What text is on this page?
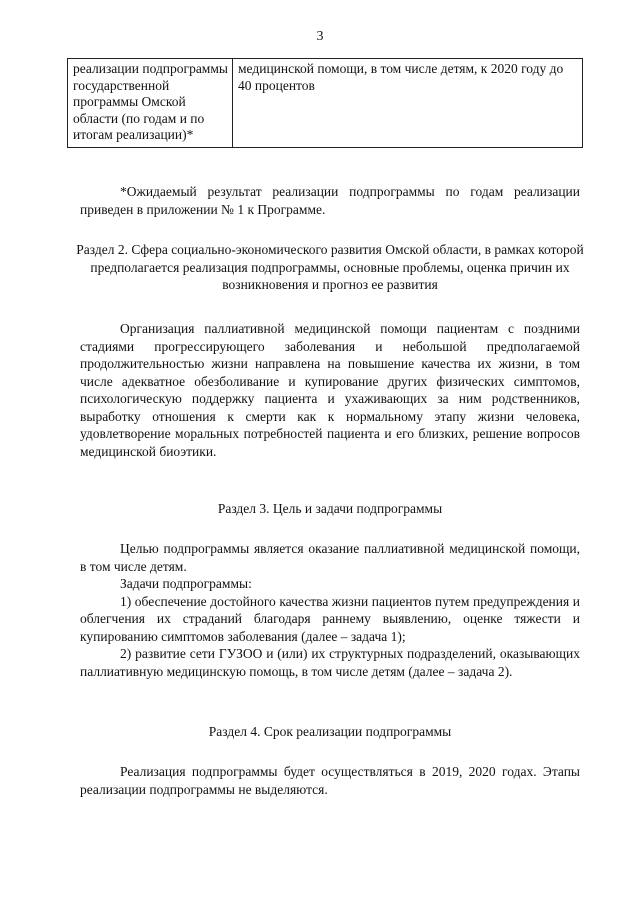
3
реализации подпрограммы государственной программы Омской области (по годам и по итогам реализации)*	медицинской помощи, в том числе детям, к 2020 году до 40 процентов
*Ожидаемый результат реализации подпрограммы по годам реализации приведен в приложении № 1 к Программе.
Раздел 2. Сфера социально-экономического развития Омской области, в рамках которой предполагается реализация подпрограммы, основные проблемы, оценка причин их возникновения и прогноз ее развития
Организация паллиативной медицинской помощи пациентам с поздними стадиями прогрессирующего заболевания и небольшой предполагаемой продолжительностью жизни направлена на повышение качества их жизни, в том числе адекватное обезболивание и купирование других физических симптомов, психологическую поддержку пациента и ухаживающих за ним родственников, выработку отношения к смерти как к нормальному этапу жизни человека, удовлетворение моральных потребностей пациента и его близких, решение вопросов медицинской биоэтики.
Раздел 3. Цель и задачи подпрограммы
Целью подпрограммы является оказание паллиативной медицинской помощи, в том числе детям.
Задачи подпрограммы:
1) обеспечение достойного качества жизни пациентов путем предупреждения и облегчения их страданий благодаря раннему выявлению, оценке тяжести и купированию симптомов заболевания (далее – задача 1);
2) развитие сети ГУЗОО и (или) их структурных подразделений, оказывающих паллиативную медицинскую помощь, в том числе детям (далее – задача 2).
Раздел 4. Срок реализации подпрограммы
Реализация подпрограммы будет осуществляться в 2019, 2020 годах. Этапы реализации подпрограммы не выделяются.
